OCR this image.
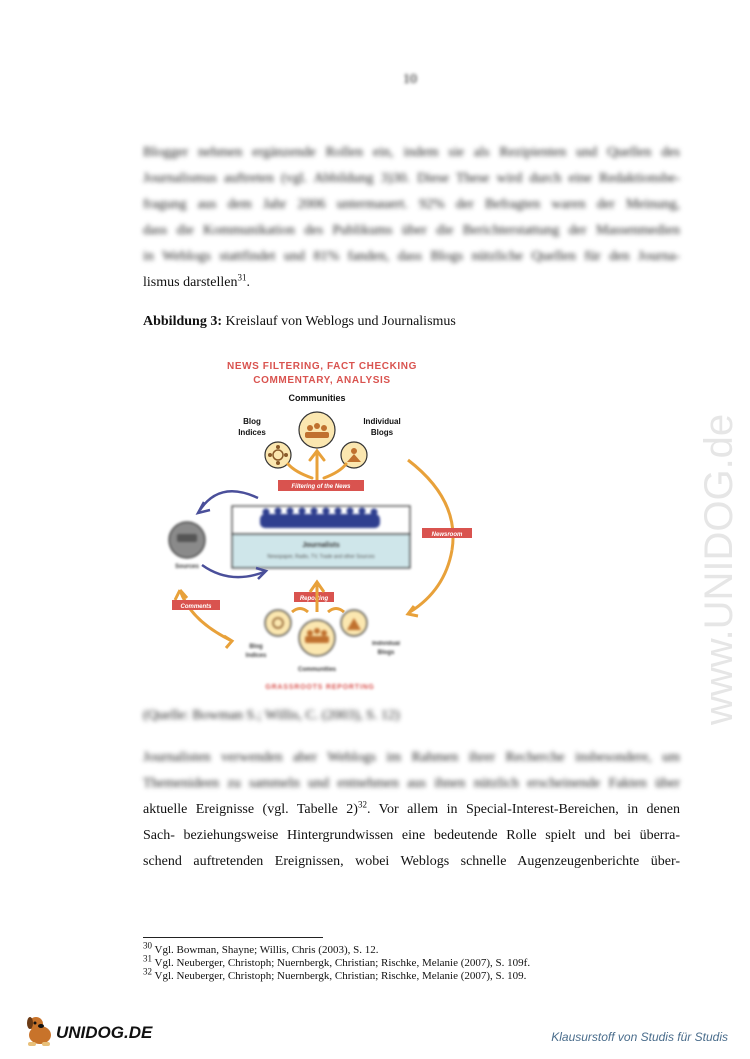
10
Blogger nehmen ergänzende Rollen ein, indem sie als Rezipienten und Quellen des
Journalismus auftreten (vgl. Abbildung 3)30. Diese These wird durch eine Redaktionsbe-
fragung aus dem Jahr 2006 untermauert. 92% der Befragten waren der Meinung,
dass die Kommunikation des Publikums über die Berichterstattung der Massenmedien
in Weblogs stattfindet und 81% fanden, dass Blogs nützliche Quellen für den Journa-
lismus darstellen$^{31}$.
Abbildung 3: Kreislauf von Weblogs und Journalismus
NEWS FILTERING, FACT CHECKING
COMMENTARY, ANALYSIS
Communities
Blog
Indices
Individual
Blogs
Filtering of the News
Journalists
Newspaper, Radio, TV, Trade and other Sources
Sources
Newsroom
Comments
Reporting
Blog
Indices
Individual
Blogs
Communities
GRASSROOTS REPORTING
(Quelle: Bowman S.; Willis, C. (2003), S. 12)
Journalisten verwenden aber Weblogs im Rahmen ihrer Recherche insbesondere, um
Themenideen zu sammeln und entnehmen aus ihnen nützlich erscheinende Fakten über
aktuelle Ereignisse (vgl. Tabelle 2)$^{32}$. Vor allem in Special-Interest-Bereichen, in denen
Sach- beziehungsweise Hintergrundwissen eine bedeutende Rolle spielt und bei überra-
schend auftretenden Ereignissen, wobei Weblogs schnelle Augenzeugenberichte über-
$^{30}$ Vgl. Bowman, Shayne; Willis, Chris (2003), S. 12.
$^{31}$ Vgl. Neuberger, Christoph; Nuernbergk, Christian; Rischke, Melanie (2007), S. 109f.
$^{32}$ Vgl. Neuberger, Christoph; Nuernbergk, Christian; Rischke, Melanie (2007), S. 109.
www.UNIDOG.de
UNIDOG.DE	Klausurstoff von Studis für Studis
